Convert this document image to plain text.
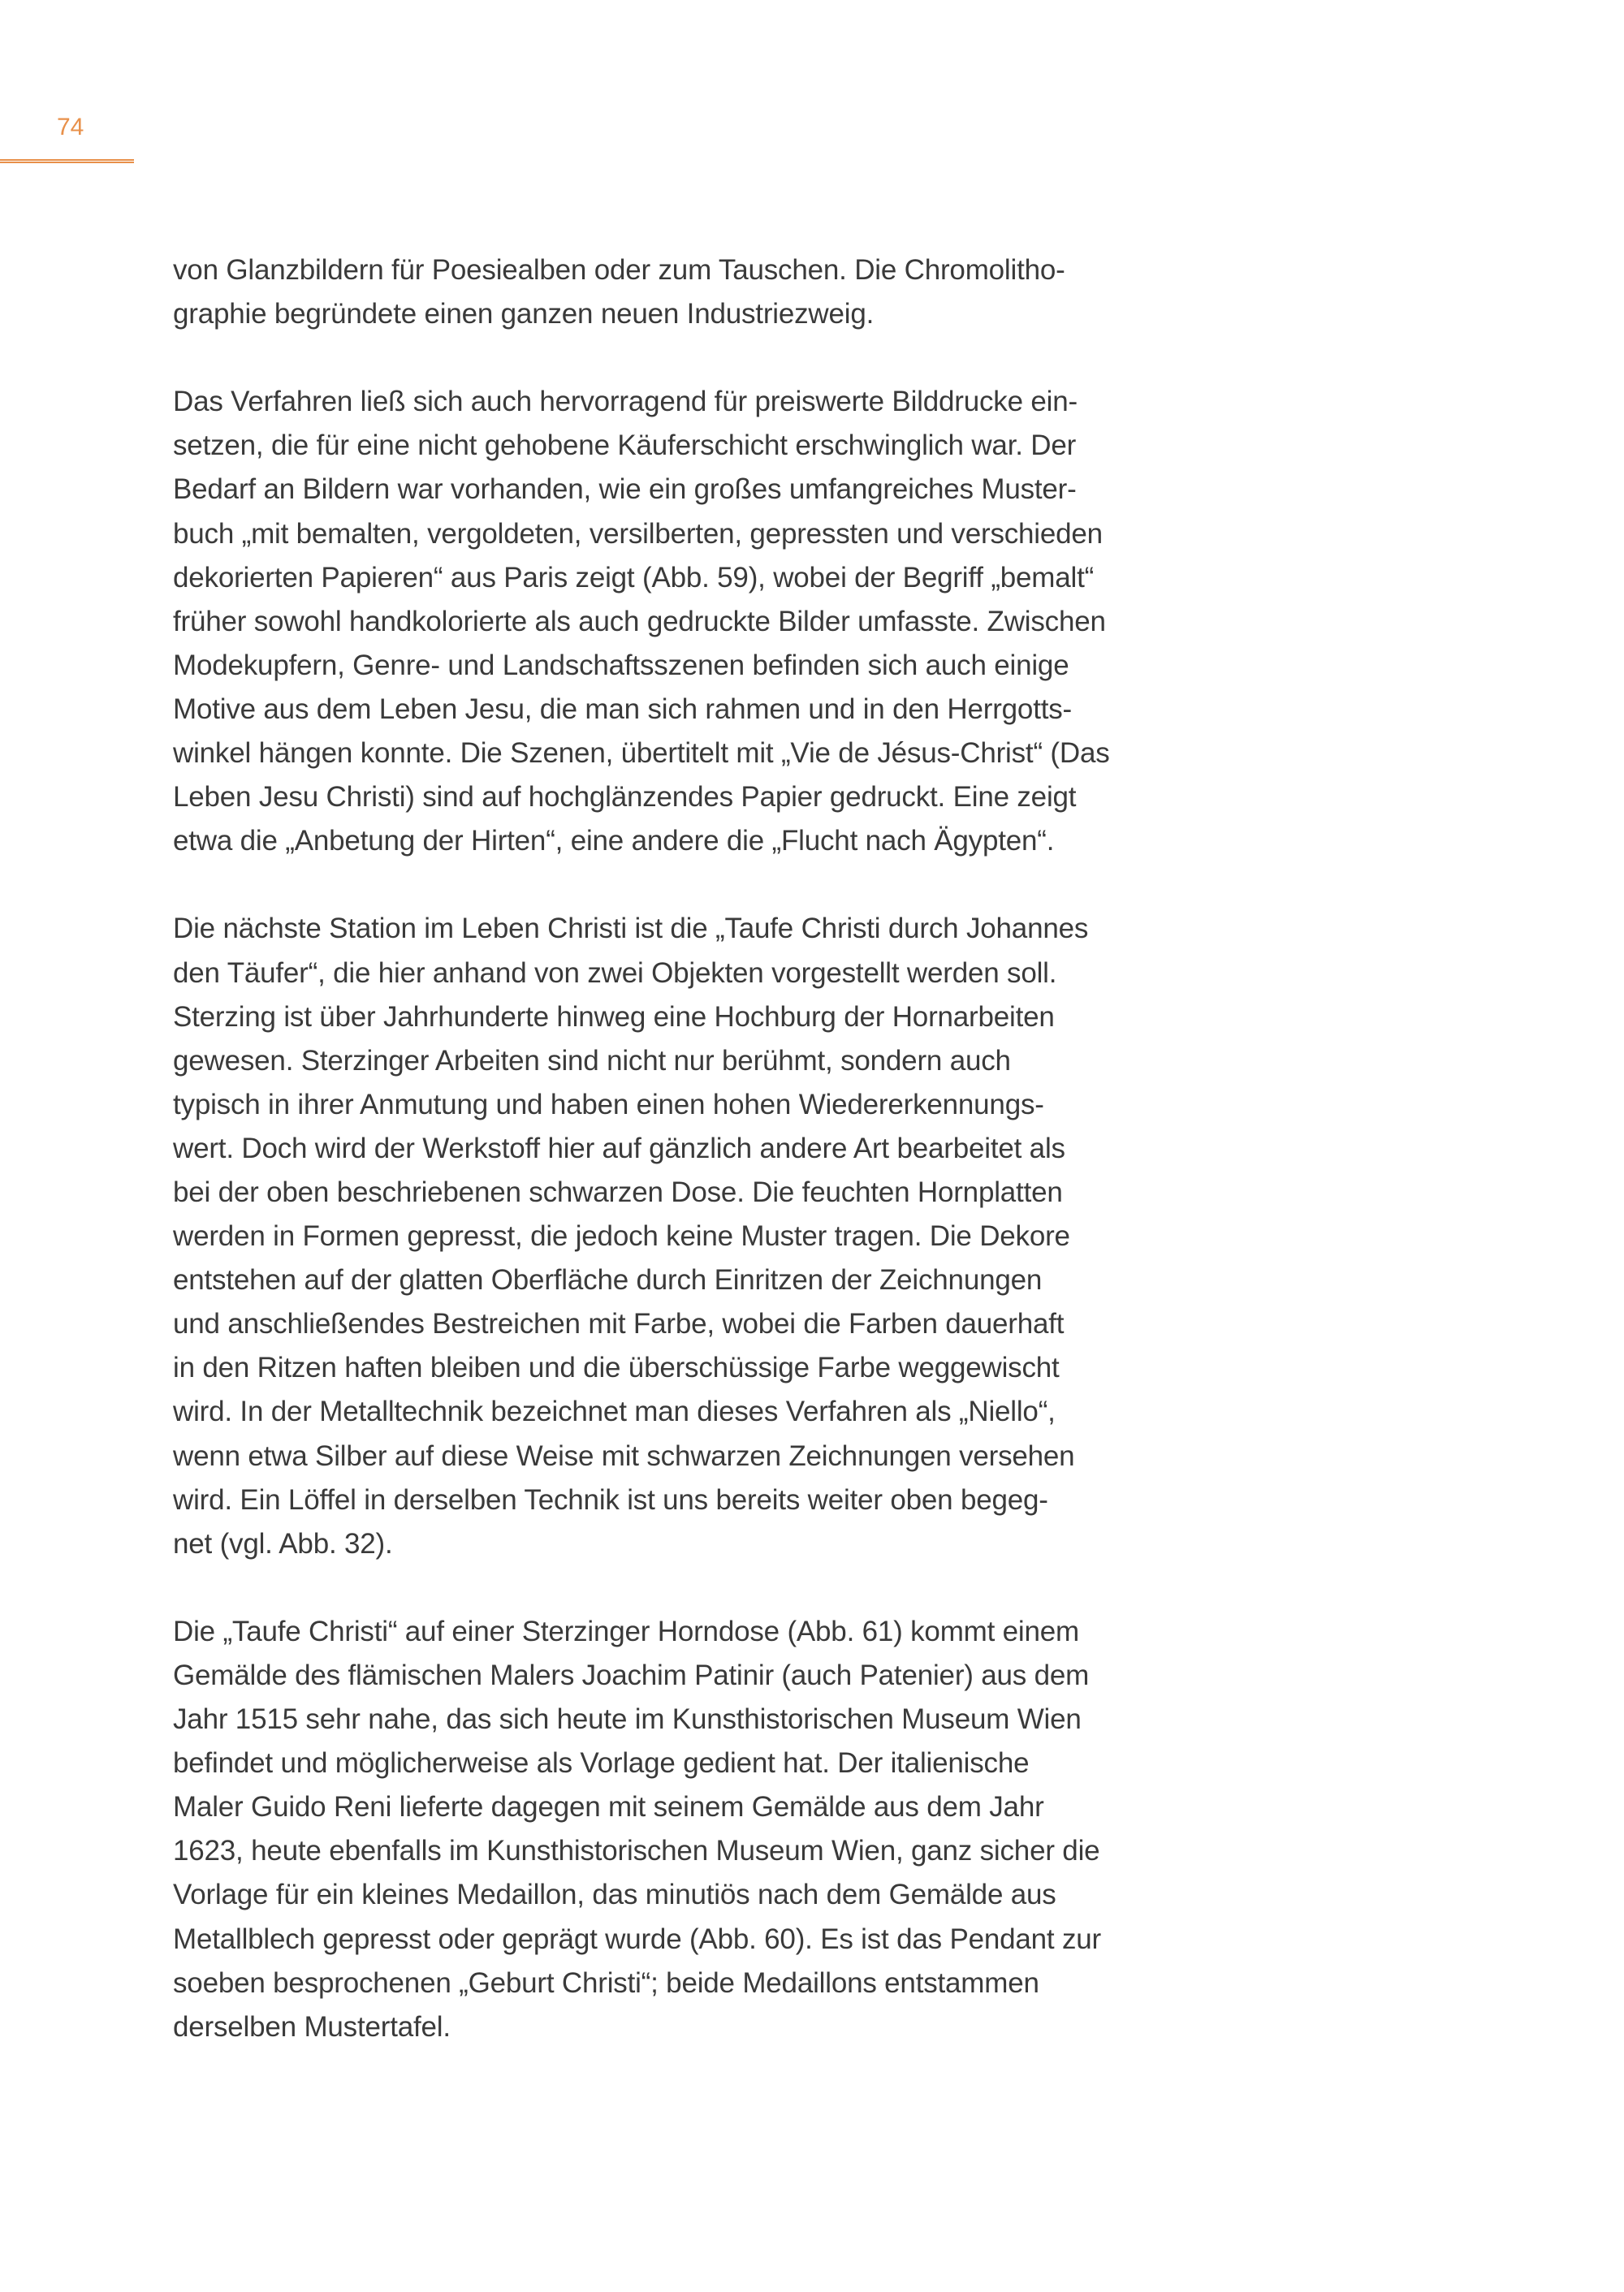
74
von Glanzbildern für Poesiealben oder zum Tauschen. Die Chromolitho-
graphie begründete einen ganzen neuen Industriezweig.
Das Verfahren ließ sich auch hervorragend für preiswerte Bilddrucke ein-
setzen, die für eine nicht gehobene Käuferschicht erschwinglich war. Der
Bedarf an Bildern war vorhanden, wie ein großes umfangreiches Muster-
buch „mit bemalten, vergoldeten, versilberten, gepressten und verschieden
dekorierten Papieren“ aus Paris zeigt (Abb. 59), wobei der Begriff „bemalt“
früher sowohl handkolorierte als auch gedruckte Bilder umfasste. Zwischen
Modekupfern, Genre- und Landschaftsszenen befinden sich auch einige
Motive aus dem Leben Jesu, die man sich rahmen und in den Herrgotts-
winkel hängen konnte. Die Szenen, übertitelt mit „Vie de Jésus-Christ“ (Das
Leben Jesu Christi) sind auf hochglänzendes Papier gedruckt. Eine zeigt
etwa die „Anbetung der Hirten“, eine andere die „Flucht nach Ägypten“.
Die nächste Station im Leben Christi ist die „Taufe Christi durch Johannes
den Täufer“, die hier anhand von zwei Objekten vorgestellt werden soll.
Sterzing ist über Jahrhunderte hinweg eine Hochburg der Hornarbeiten
gewesen. Sterzinger Arbeiten sind nicht nur berühmt, sondern auch
typisch in ihrer Anmutung und haben einen hohen Wiedererkennungs-
wert. Doch wird der Werkstoff hier auf gänzlich andere Art bearbeitet als
bei der oben beschriebenen schwarzen Dose. Die feuchten Hornplatten
werden in Formen gepresst, die jedoch keine Muster tragen. Die Dekore
entstehen auf der glatten Oberfläche durch Einritzen der Zeichnungen
und anschließendes Bestreichen mit Farbe, wobei die Farben dauerhaft
in den Ritzen haften bleiben und die überschüssige Farbe weggewischt
wird. In der Metalltechnik bezeichnet man dieses Verfahren als „Niello“,
wenn etwa Silber auf diese Weise mit schwarzen Zeichnungen versehen
wird. Ein Löffel in derselben Technik ist uns bereits weiter oben begeg-
net (vgl. Abb. 32).
Die „Taufe Christi“ auf einer Sterzinger Horndose (Abb. 61) kommt einem
Gemälde des flämischen Malers Joachim Patinir (auch Patenier) aus dem
Jahr 1515 sehr nahe, das sich heute im Kunsthistorischen Museum Wien
befindet und möglicherweise als Vorlage gedient hat. Der italienische
Maler Guido Reni lieferte dagegen mit seinem Gemälde aus dem Jahr
1623, heute ebenfalls im Kunsthistorischen Museum Wien, ganz sicher die
Vorlage für ein kleines Medaillon, das minutiös nach dem Gemälde aus
Metallblech gepresst oder geprägt wurde (Abb. 60). Es ist das Pendant zur
soeben besprochenen „Geburt Christi“; beide Medaillons entstammen
derselben Mustertafel.
